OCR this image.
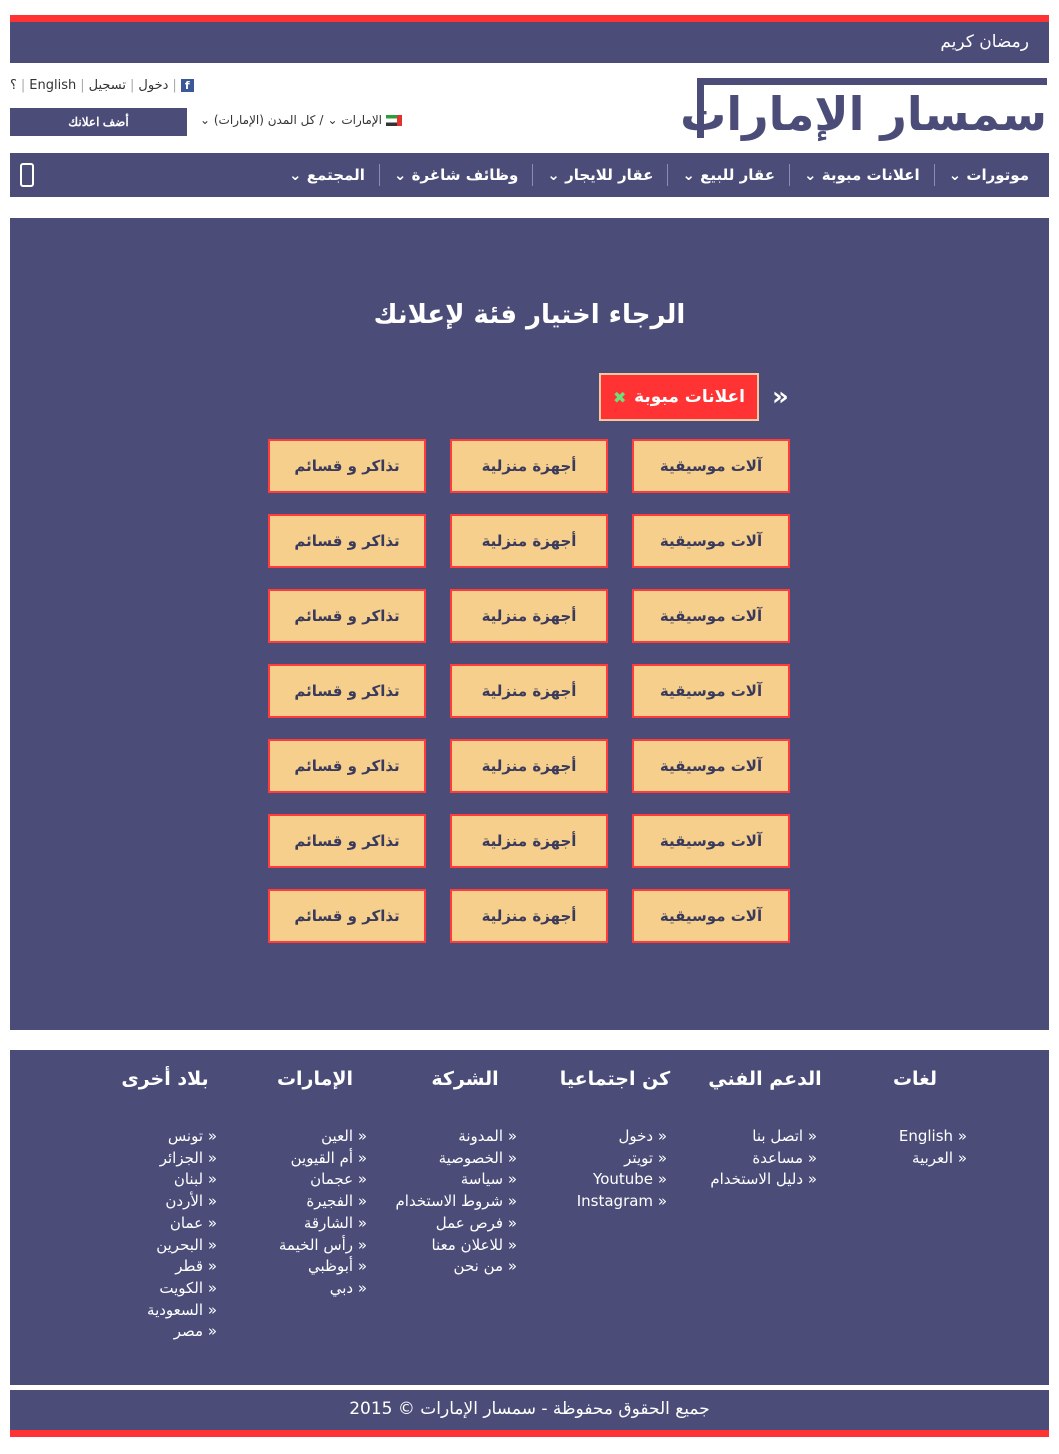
رمضان كريم
سمسار الإمارات
f
|
دخول
|
تسجيل
|
English
|
؟
أضف اعلانك	الإمارات ⌄
/
كل المدن (الإمارات) ⌄
موتورات ⌄
اعلانات مبوبة ⌄
عقار للبيع ⌄
عقار للايجار ⌄
وظائف شاغرة ⌄
المجتمع ⌄
الرجاء اختيار فئة لإعلانك
»
اعلانات مبوبة
✖
آلات موسيقية
أجهزة منزلية
تذاكر و قسائم
آلات موسيقية
أجهزة منزلية
تذاكر و قسائم
آلات موسيقية
أجهزة منزلية
تذاكر و قسائم
آلات موسيقية
أجهزة منزلية
تذاكر و قسائم
آلات موسيقية
أجهزة منزلية
تذاكر و قسائم
آلات موسيقية
أجهزة منزلية
تذاكر و قسائم
آلات موسيقية
أجهزة منزلية
تذاكر و قسائم
لغات
« English
« العربية
الدعم الفني
« اتصل بنا
« مساعدة
« دليل الاستخدام
كن اجتماعيا
« دخول
« تويتر
« Youtube
« Instagram
الشركة
« المدونة
« الخصوصية
« سياسة
« شروط الاستخدام
« فرص عمل
« للاعلان معنا
« من نحن
الإمارات
« العين
« أم القيوين
« عجمان
« الفجيرة
« الشارقة
« رأس الخيمة
« أبوظبي
« دبي
بلاد أخرى
« تونس
« الجزائر
« لبنان
« الأردن
« عمان
« البحرين
« قطر
« الكويت
« السعودية
« مصر
جميع الحقوق محفوظة - سمسار الإمارات © 2015
